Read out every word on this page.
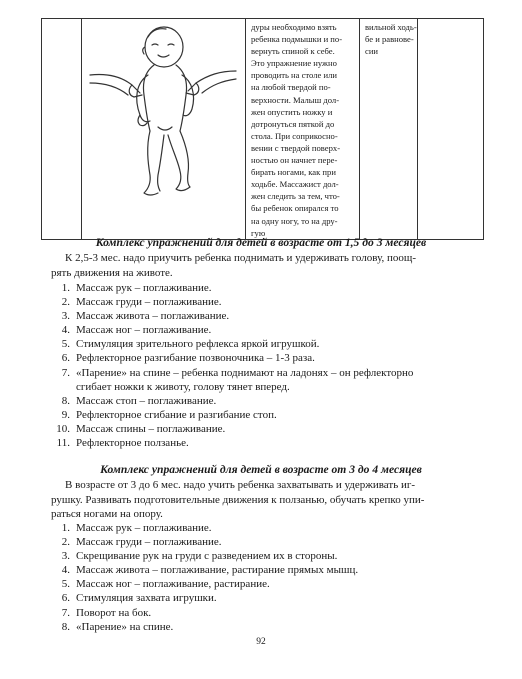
дуры необходимо взять
ребенка подмышки и по-
вернуть спиной к себе.
Это упражнение нужно
проводить на столе или
на любой твердой по-
верхности. Малыш дол-
жен опустить ножку и
дотронуться пяткой до
стола. При соприкосно-
вении с твердой поверх-
ностью он начнет пере-
бирать ногами, как при
ходьбе. Массажист дол-
жен следить за тем, что-
бы ребенок опирался то
на одну ногу, то на дру-
гую

вильной ходь-
бе и равнове-
сии

Комплекс упражнений для детей в возрасте от 1,5 до 3 месяцев
К 2,5-3 мес. надо приучить ребенка поднимать и удерживать голову, поощ-
рять движения на животе.
1. Массаж рук – поглаживание.
2. Массаж груди – поглаживание.
3. Массаж живота – поглаживание.
4. Массаж ног – поглаживание.
5. Стимуляция зрительного рефлекса яркой игрушкой.
6. Рефлекторное разгибание позвоночника – 1-3 раза.
7. «Парение» на спине – ребенка поднимают на ладонях – он рефлекторно
сгибает ножки к животу, голову тянет вперед.
8. Массаж стоп – поглаживание.
9. Рефлекторное сгибание и разгибание стоп.
10. Массаж спины – поглаживание.
11. Рефлекторное ползанье.
Комплекс упражнений для детей в возрасте от 3 до 4 месяцев
В возрасте от 3 до 6 мес. надо учить ребенка захватывать и удерживать иг-
рушку. Развивать подготовительные движения к ползанью, обучать крепко упи-
раться ногами на опору.
1. Массаж рук – поглаживание.
2. Массаж груди – поглаживание.
3. Скрещивание рук на груди с разведением их в стороны.
4. Массаж живота – поглаживание, растирание прямых мышц.
5. Массаж ног – поглаживание, растирание.
6. Стимуляция захвата игрушки.
7. Поворот на бок.
8. «Парение» на спине.
92
